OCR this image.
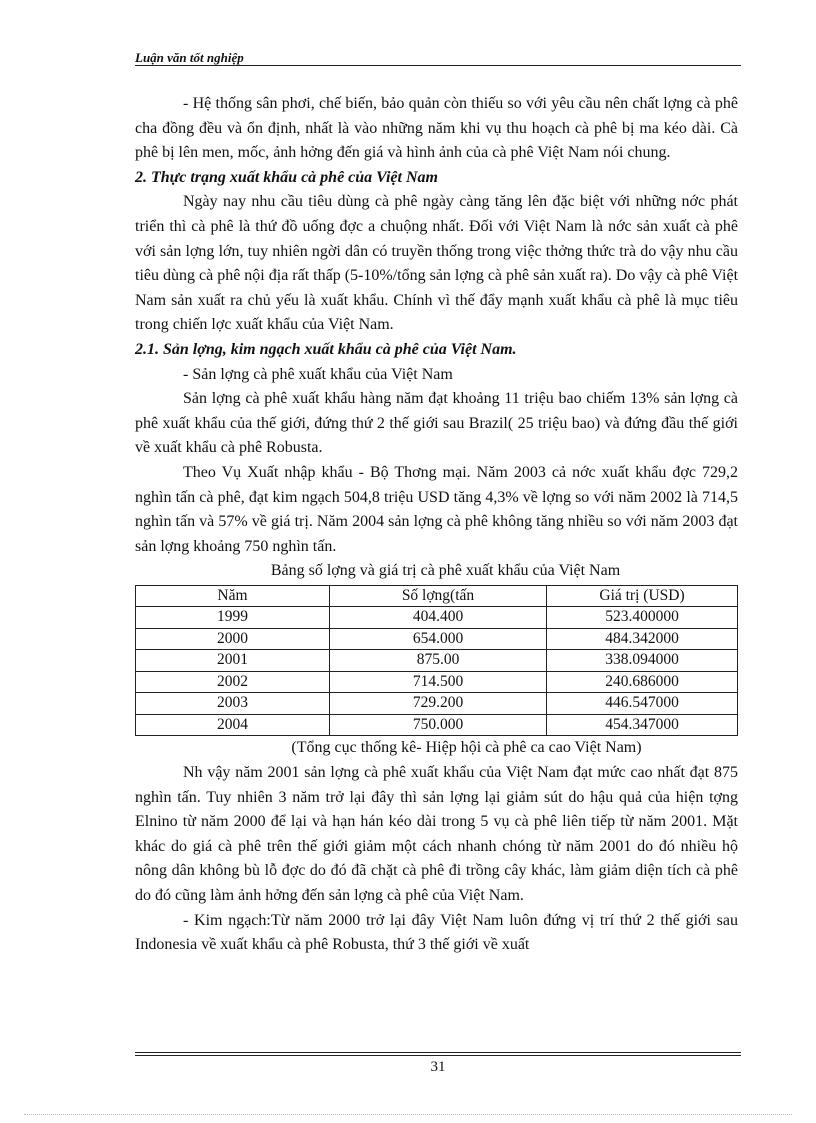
Luận văn tốt nghiệp

- Hệ thống sân phơi, chế biến, bảo quản còn thiếu so với yêu cầu nên chất lợng cà phê cha đồng đều và ổn định, nhất là vào những năm khi vụ thu hoạch cà phê bị ma kéo dài. Cà phê bị lên men, mốc, ảnh hởng đến giá và hình ảnh của cà phê Việt Nam nói chung.

2. Thực trạng xuất khẩu cà phê của Việt Nam

Ngày nay nhu cầu tiêu dùng cà phê ngày càng tăng lên đặc biệt với những nớc phát triển thì cà phê là thứ đồ uống đợc a chuộng nhất. Đối với Việt Nam là nớc sản xuất cà phê với sản lợng lớn, tuy nhiên ngời dân có truyền thống trong việc thởng thức trà do vậy nhu cầu tiêu dùng cà phê nội địa rất thấp (5-10%/tổng sản lợng cà phê sản xuất ra). Do vậy cà phê Việt Nam sản xuất ra chủ yếu là xuất khẩu. Chính vì thế đẩy mạnh xuất khẩu cà phê là mục tiêu trong chiến lợc xuất khẩu của Việt Nam.

2.1. Sản lợng, kim ngạch xuất khẩu cà phê của Việt Nam.

- Sản lợng cà phê xuất khẩu của Việt Nam

Sản lợng cà phê xuất khẩu hàng năm đạt khoảng 11 triệu bao chiếm 13% sản lợng cà phê xuất khẩu của thế giới, đứng thứ 2 thế giới sau Brazil( 25 triệu bao) và đứng đầu thế giới về xuất khẩu cà phê Robusta.

Theo Vụ Xuất nhập khẩu - Bộ Thơng mại. Năm 2003 cả nớc xuất khẩu đợc 729,2 nghìn tấn cà phê, đạt kim ngạch 504,8 triệu USD tăng 4,3% về lợng so với năm 2002 là 714,5 nghìn tấn và 57% về giá trị. Năm 2004 sản lợng cà phê không tăng nhiều so với năm 2003 đạt sản lợng khoảng 750 nghìn tấn.

Bảng số lợng và giá trị cà phê xuất khẩu của Việt Nam

Năm	Số lợng(tấn	Giá trị (USD)
1999	404.400	523.400000
2000	654.000	484.342000
2001	875.00	338.094000
2002	714.500	240.686000
2003	729.200	446.547000
2004	750.000	454.347000

(Tổng cục thống kê- Hiệp hội cà phê ca cao Việt Nam)

Nh vậy năm 2001 sản lợng cà phê xuất khẩu của Việt Nam đạt mức cao nhất đạt 875 nghìn tấn. Tuy nhiên 3 năm trở lại đây thì sản lợng lại giảm sút do hậu quả của hiện tợng Elnino từ năm 2000 để lại và hạn hán kéo dài trong 5 vụ cà phê liên tiếp từ năm 2001. Mặt khác do giá cà phê trên thế giới giảm một cách nhanh chóng từ năm 2001 do đó nhiều hộ nông dân không bù lỗ đợc do đó đã chặt cà phê đi trồng cây khác, làm giảm diện tích cà phê do đó cũng làm ảnh hởng đến sản lợng cà phê của Việt Nam.

- Kim ngạch:Từ năm 2000 trở lại đây Việt Nam luôn đứng vị trí thứ 2 thế giới sau Indonesia về xuất khẩu cà phê Robusta, thứ 3 thế giới về xuất

31
